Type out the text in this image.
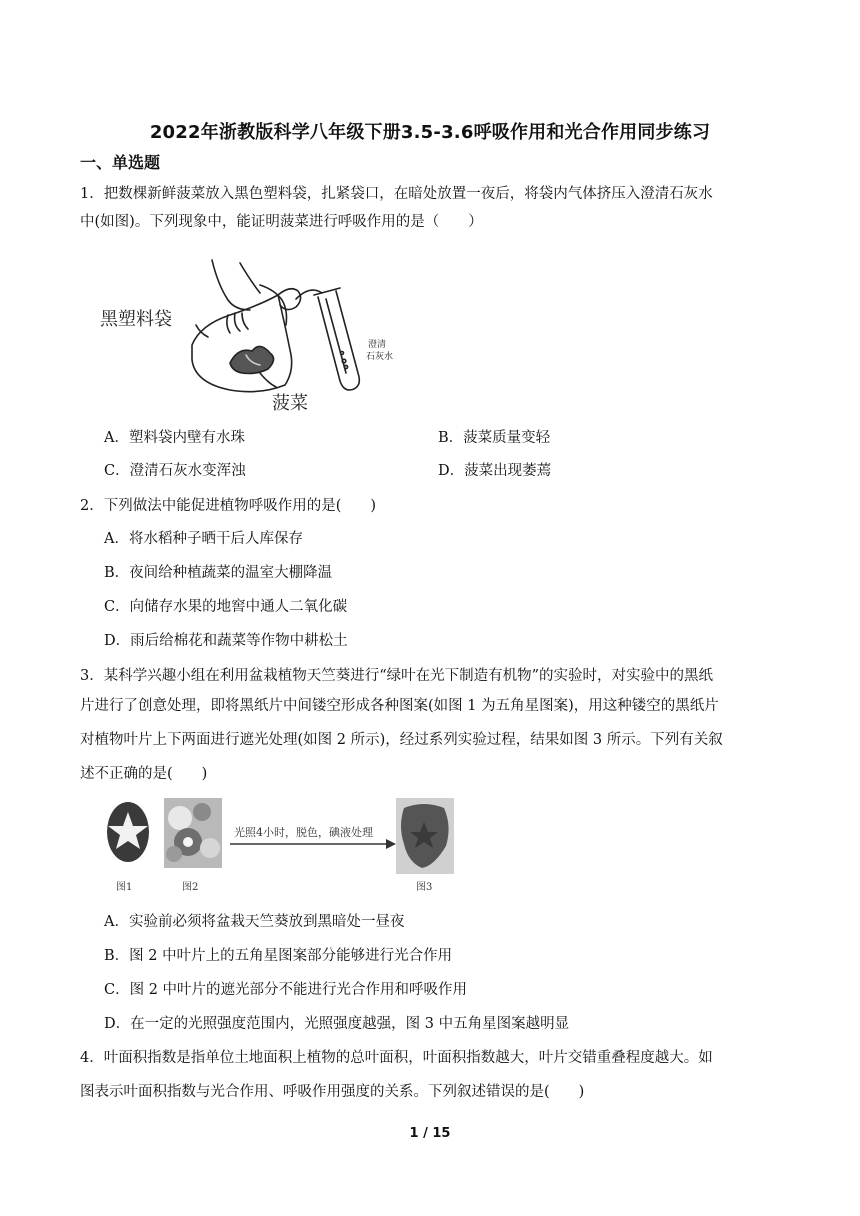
2022年浙教版科学八年级下册3.5-3.6呼吸作用和光合作用同步练习
一、单选题
1．把数棵新鲜菠菜放入黑色塑料袋，扎紧袋口，在暗处放置一夜后，将袋内气体挤压入澄清石灰水
中(如图)。下列现象中，能证明菠菜进行呼吸作用的是（　　）
黑塑料袋
菠菜
澄清
石灰水
A．塑料袋内壁有水珠	B．菠菜质量变轻
C．澄清石灰水变浑浊	D．菠菜出现萎蔫
2．下列做法中能促进植物呼吸作用的是(　　)
A．将水稻种子晒干后人库保存
B．夜间给种植蔬菜的温室大棚降温
C．向储存水果的地窖中通人二氧化碳
D．雨后给棉花和蔬菜等作物中耕松土
3．某科学兴趣小组在利用盆栽植物天竺葵进行“绿叶在光下制造有机物”的实验时，对实验中的黑纸
片进行了创意处理，即将黑纸片中间镂空形成各种图案(如图 1 为五角星图案)，用这种镂空的黑纸片
对植物叶片上下两面进行遮光处理(如图 2 所示)，经过系列实验过程，结果如图 3 所示。下列有关叙
述不正确的是(　　)
光照4小时，脱色，碘液处理
图1	图2	图3
A．实验前必须将盆栽天竺葵放到黑暗处一昼夜
B．图 2 中叶片上的五角星图案部分能够进行光合作用
C．图 2 中叶片的遮光部分不能进行光合作用和呼吸作用
D．在一定的光照强度范围内，光照强度越强，图 3 中五角星图案越明显
4．叶面积指数是指单位土地面积上植物的总叶面积，叶面积指数越大，叶片交错重叠程度越大。如
图表示叶面积指数与光合作用、呼吸作用强度的关系。下列叙述错误的是(　　)
1 / 15
